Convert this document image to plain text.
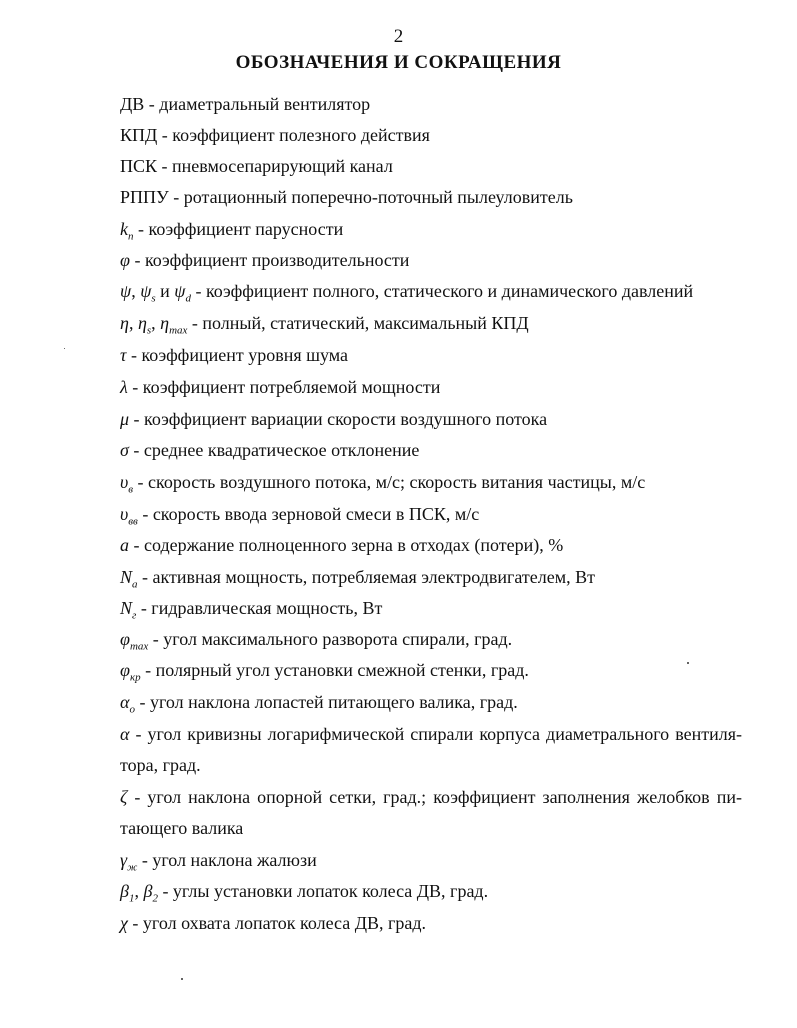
2
ОБОЗНАЧЕНИЯ И СОКРАЩЕНИЯ
ДВ - диаметральный вентилятор
КПД - коэффициент полезного действия
ПСК - пневмосепарирующий канал
РППУ - ротационный поперечно-поточный пылеуловитель
$k_п$ - коэффициент парусности
φ - коэффициент производительности
ψ, $\psi_s$ и $\psi_d$ - коэффициент полного, статического и динамического давлений
η, $\eta_s$, $\eta_{max}$ - полный, статический, максимальный КПД
τ - коэффициент уровня шума
λ - коэффициент потребляемой мощности
μ - коэффициент вариации скорости воздушного потока
σ - среднее квадратическое отклонение
$\upsilon_в$ - скорость воздушного потока, м/с; скорость витания частицы, м/с
$\upsilon_{вв}$ - скорость ввода зерновой смеси в ПСК, м/с
а - содержание полноценного зерна в отходах (потери), %
$N_а$ - активная мощность, потребляемая электродвигателем, Вт
$N_г$ - гидравлическая мощность, Вт
$\varphi_{max}$ - угол максимального разворота спирали, град.
$\varphi_{кр}$ - полярный угол установки смежной стенки, град.
$\alpha_о$ - угол наклона лопастей питающего валика, град.
α - угол кривизны логарифмической спирали корпуса диаметрального вентиля-
тора, град.
ζ - угол наклона опорной сетки, град.; коэффициент заполнения желобков пи-
тающего валика
$\gamma_ж$ - угол наклона жалюзи
$\beta_1$, $\beta_2$ - углы установки лопаток колеса ДВ, град.
χ - угол охвата лопаток колеса ДВ, град.
